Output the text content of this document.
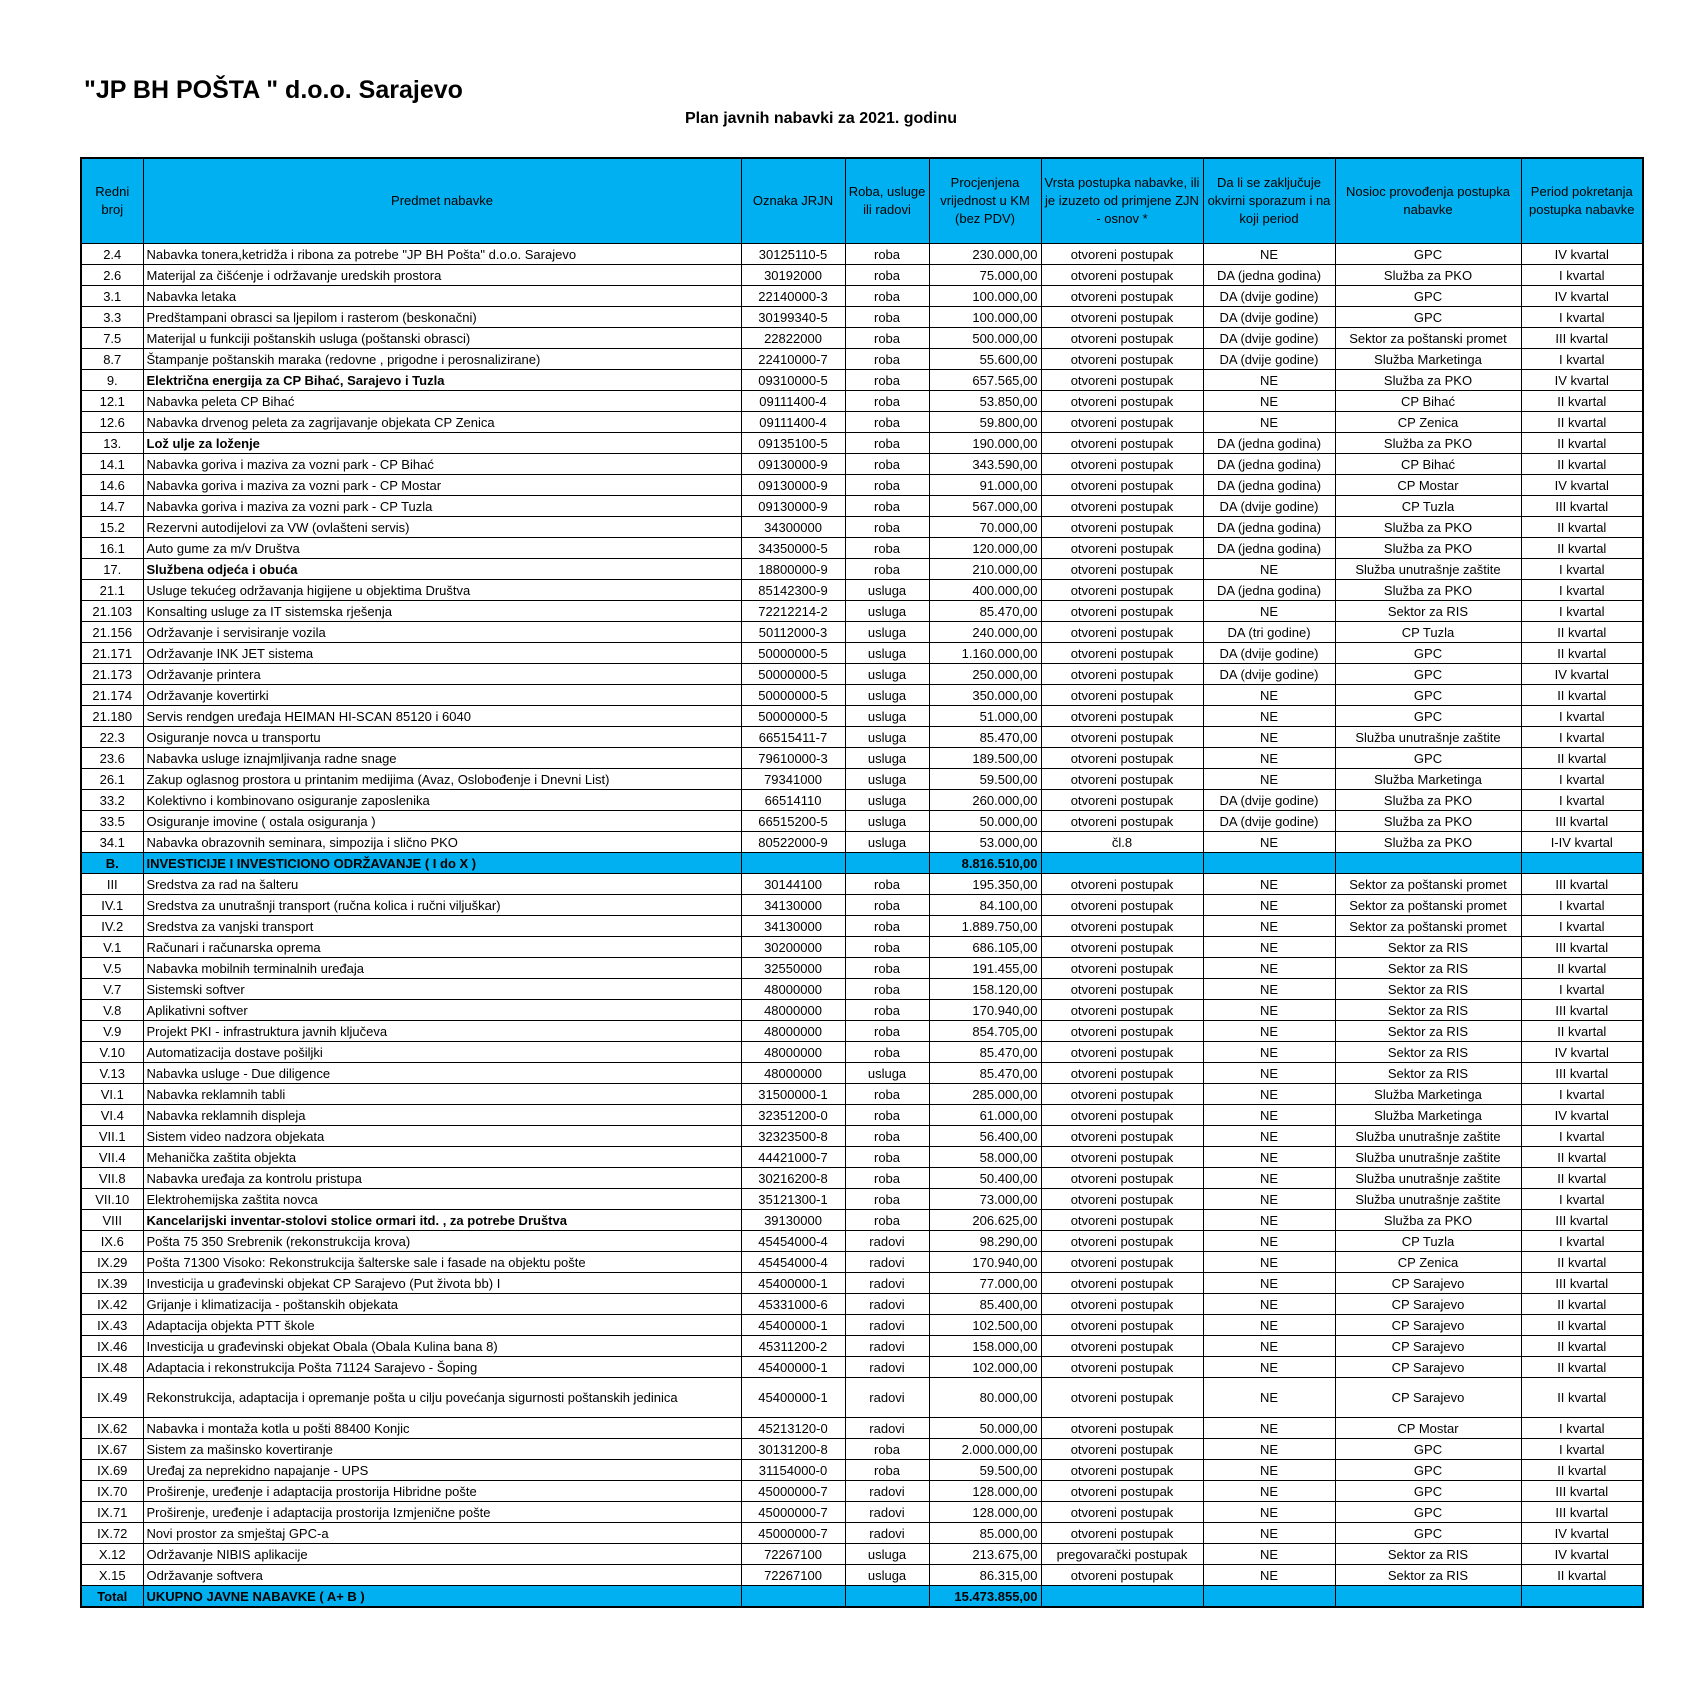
"JP BH POŠTA " d.o.o. Sarajevo
Plan javnih nabavki za 2021. godinu
Redni broj	Predmet nabavke	Oznaka JRJN	Roba, usluge ili radovi	Procjenjena vrijednost u KM (bez PDV)	Vrsta postupka nabavke, ili je izuzeto od primjene ZJN - osnov *	Da li se zaključuje okvirni sporazum i na koji period	Nosioc provođenja postupka nabavke	Period pokretanja postupka nabavke
2.4	Nabavka tonera,ketridža i ribona za potrebe "JP BH Pošta" d.o.o. Sarajevo	30125110-5	roba	230.000,00	otvoreni postupak	NE	GPC	IV kvartal
2.6	Materijal za čišćenje i održavanje uredskih prostora	30192000	roba	75.000,00	otvoreni postupak	DA (jedna godina)	Služba za PKO	I kvartal
3.1	Nabavka letaka	22140000-3	roba	100.000,00	otvoreni postupak	DA (dvije godine)	GPC	IV kvartal
3.3	Predštampani obrasci sa ljepilom i rasterom (beskonačni)	30199340-5	roba	100.000,00	otvoreni postupak	DA (dvije godine)	GPC	I kvartal
7.5	Materijal u funkciji poštanskih usluga (poštanski obrasci)	22822000	roba	500.000,00	otvoreni postupak	DA (dvije godine)	Sektor za poštanski promet	III kvartal
8.7	Štampanje poštanskih maraka (redovne , prigodne i perosnalizirane)	22410000-7	roba	55.600,00	otvoreni postupak	DA (dvije godine)	Služba Marketinga	I kvartal
9.	Električna energija za CP Bihać, Sarajevo i Tuzla	09310000-5	roba	657.565,00	otvoreni postupak	NE	Služba za PKO	IV kvartal
12.1	Nabavka peleta CP Bihać	09111400-4	roba	53.850,00	otvoreni postupak	NE	CP Bihać	II kvartal
12.6	Nabavka drvenog peleta za zagrijavanje objekata CP Zenica	09111400-4	roba	59.800,00	otvoreni postupak	NE	CP Zenica	II kvartal
13.	Lož ulje za loženje	09135100-5	roba	190.000,00	otvoreni postupak	DA (jedna godina)	Služba za PKO	II kvartal
14.1	Nabavka goriva i maziva za vozni park - CP Bihać	09130000-9	roba	343.590,00	otvoreni postupak	DA (jedna godina)	CP Bihać	II kvartal
14.6	Nabavka goriva i maziva za vozni park - CP Mostar	09130000-9	roba	91.000,00	otvoreni postupak	DA (jedna godina)	CP Mostar	IV kvartal
14.7	Nabavka goriva i maziva za vozni park - CP Tuzla	09130000-9	roba	567.000,00	otvoreni postupak	DA (dvije godine)	CP Tuzla	III kvartal
15.2	Rezervni autodijelovi za VW (ovlašteni servis)	34300000	roba	70.000,00	otvoreni postupak	DA (jedna godina)	Služba za PKO	II kvartal
16.1	Auto gume za m/v Društva	34350000-5	roba	120.000,00	otvoreni postupak	DA (jedna godina)	Služba za PKO	II kvartal
17.	Službena odjeća i obuća	18800000-9	roba	210.000,00	otvoreni postupak	NE	Služba unutrašnje zaštite	I kvartal
21.1	Usluge tekućeg održavanja higijene u objektima Društva	85142300-9	usluga	400.000,00	otvoreni postupak	DA (jedna godina)	Služba za PKO	I kvartal
21.103	Konsalting usluge za IT sistemska rješenja	72212214-2	usluga	85.470,00	otvoreni postupak	NE	Sektor za RIS	I kvartal
21.156	Održavanje i servisiranje vozila	50112000-3	usluga	240.000,00	otvoreni postupak	DA (tri godine)	CP Tuzla	II kvartal
21.171	Održavanje INK JET sistema	50000000-5	usluga	1.160.000,00	otvoreni postupak	DA (dvije godine)	GPC	II kvartal
21.173	Održavanje printera	50000000-5	usluga	250.000,00	otvoreni postupak	DA (dvije godine)	GPC	IV kvartal
21.174	Održavanje kovertirki	50000000-5	usluga	350.000,00	otvoreni postupak	NE	GPC	II kvartal
21.180	Servis rendgen uređaja HEIMAN HI-SCAN 85120 i 6040	50000000-5	usluga	51.000,00	otvoreni postupak	NE	GPC	I kvartal
22.3	Osiguranje novca u transportu	66515411-7	usluga	85.470,00	otvoreni postupak	NE	Služba unutrašnje zaštite	I kvartal
23.6	Nabavka usluge iznajmljivanja radne snage	79610000-3	usluga	189.500,00	otvoreni postupak	NE	GPC	II kvartal
26.1	Zakup oglasnog prostora u printanim medijima (Avaz, Oslobođenje i Dnevni List)	79341000	usluga	59.500,00	otvoreni postupak	NE	Služba Marketinga	I kvartal
33.2	Kolektivno i kombinovano osiguranje zaposlenika	66514110	usluga	260.000,00	otvoreni postupak	DA (dvije godine)	Služba za PKO	I kvartal
33.5	Osiguranje imovine ( ostala osiguranja )	66515200-5	usluga	50.000,00	otvoreni postupak	DA (dvije godine)	Služba za PKO	III kvartal
34.1	Nabavka obrazovnih seminara, simpozija i slično PKO	80522000-9	usluga	53.000,00	čl.8	NE	Služba za PKO	I-IV kvartal
B.	INVESTICIJE I INVESTICIONO ODRŽAVANJE ( I do X )			8.816.510,00				
III	Sredstva za rad na šalteru	30144100	roba	195.350,00	otvoreni postupak	NE	Sektor za poštanski promet	III kvartal
IV.1	Sredstva za unutrašnji transport (ručna kolica i ručni viljuškar)	34130000	roba	84.100,00	otvoreni postupak	NE	Sektor za poštanski promet	I kvartal
IV.2	Sredstva za vanjski transport	34130000	roba	1.889.750,00	otvoreni postupak	NE	Sektor za poštanski promet	I kvartal
V.1	Računari i računarska oprema	30200000	roba	686.105,00	otvoreni postupak	NE	Sektor za RIS	III kvartal
V.5	Nabavka mobilnih terminalnih uređaja	32550000	roba	191.455,00	otvoreni postupak	NE	Sektor za RIS	II kvartal
V.7	Sistemski softver	48000000	roba	158.120,00	otvoreni postupak	NE	Sektor za RIS	I kvartal
V.8	Aplikativni softver	48000000	roba	170.940,00	otvoreni postupak	NE	Sektor za RIS	III kvartal
V.9	Projekt PKI - infrastruktura javnih ključeva	48000000	roba	854.705,00	otvoreni postupak	NE	Sektor za RIS	II kvartal
V.10	Automatizacija dostave pošiljki	48000000	roba	85.470,00	otvoreni postupak	NE	Sektor za RIS	IV kvartal
V.13	Nabavka usluge - Due diligence	48000000	usluga	85.470,00	otvoreni postupak	NE	Sektor za RIS	III kvartal
VI.1	Nabavka reklamnih tabli	31500000-1	roba	285.000,00	otvoreni postupak	NE	Služba Marketinga	I kvartal
VI.4	Nabavka reklamnih displeja	32351200-0	roba	61.000,00	otvoreni postupak	NE	Služba Marketinga	IV kvartal
VII.1	Sistem video nadzora objekata	32323500-8	roba	56.400,00	otvoreni postupak	NE	Služba unutrašnje zaštite	I kvartal
VII.4	Mehanička zaštita objekta	44421000-7	roba	58.000,00	otvoreni postupak	NE	Služba unutrašnje zaštite	II kvartal
VII.8	Nabavka uređaja za kontrolu pristupa	30216200-8	roba	50.400,00	otvoreni postupak	NE	Služba unutrašnje zaštite	II kvartal
VII.10	Elektrohemijska zaštita novca	35121300-1	roba	73.000,00	otvoreni postupak	NE	Služba unutrašnje zaštite	I kvartal
VIII	Kancelarijski inventar-stolovi stolice ormari itd. , za potrebe Društva	39130000	roba	206.625,00	otvoreni postupak	NE	Služba za PKO	III kvartal
IX.6	Pošta 75 350 Srebrenik (rekonstrukcija krova)	45454000-4	radovi	98.290,00	otvoreni postupak	NE	CP Tuzla	I kvartal
IX.29	Pošta 71300 Visoko: Rekonstrukcija šalterske sale i fasade na objektu pošte	45454000-4	radovi	170.940,00	otvoreni postupak	NE	CP Zenica	II kvartal
IX.39	Investicija u građevinski objekat CP Sarajevo (Put života bb) I	45400000-1	radovi	77.000,00	otvoreni postupak	NE	CP Sarajevo	III kvartal
IX.42	Grijanje i klimatizacija - poštanskih objekata	45331000-6	radovi	85.400,00	otvoreni postupak	NE	CP Sarajevo	II kvartal
IX.43	Adaptacija objekta PTT škole	45400000-1	radovi	102.500,00	otvoreni postupak	NE	CP Sarajevo	II kvartal
IX.46	Investicija u građevinski objekat Obala (Obala Kulina bana 8)	45311200-2	radovi	158.000,00	otvoreni postupak	NE	CP Sarajevo	II kvartal
IX.48	Adaptacia i rekonstrukcija Pošta 71124 Sarajevo - Šoping	45400000-1	radovi	102.000,00	otvoreni postupak	NE	CP Sarajevo	II kvartal
IX.49	Rekonstrukcija, adaptacija i opremanje pošta u cilju povećanja sigurnosti poštanskih jedinica	45400000-1	radovi	80.000,00	otvoreni postupak	NE	CP Sarajevo	II kvartal
IX.62	Nabavka i montaža kotla u pošti 88400 Konjic	45213120-0	radovi	50.000,00	otvoreni postupak	NE	CP Mostar	I kvartal
IX.67	Sistem za mašinsko kovertiranje	30131200-8	roba	2.000.000,00	otvoreni postupak	NE	GPC	I kvartal
IX.69	Uređaj za neprekidno napajanje - UPS	31154000-0	roba	59.500,00	otvoreni postupak	NE	GPC	II kvartal
IX.70	Proširenje, uređenje i adaptacija prostorija Hibridne pošte	45000000-7	radovi	128.000,00	otvoreni postupak	NE	GPC	III kvartal
IX.71	Proširenje, uređenje i adaptacija prostorija Izmjenične pošte	45000000-7	radovi	128.000,00	otvoreni postupak	NE	GPC	III kvartal
IX.72	Novi prostor za smještaj GPC-a	45000000-7	radovi	85.000,00	otvoreni postupak	NE	GPC	IV kvartal
X.12	Održavanje NIBIS aplikacije	72267100	usluga	213.675,00	pregovarački postupak	NE	Sektor za RIS	IV kvartal
X.15	Održavanje softvera	72267100	usluga	86.315,00	otvoreni postupak	NE	Sektor za RIS	II kvartal
Total	UKUPNO JAVNE NABAVKE ( A+ B )			15.473.855,00				
